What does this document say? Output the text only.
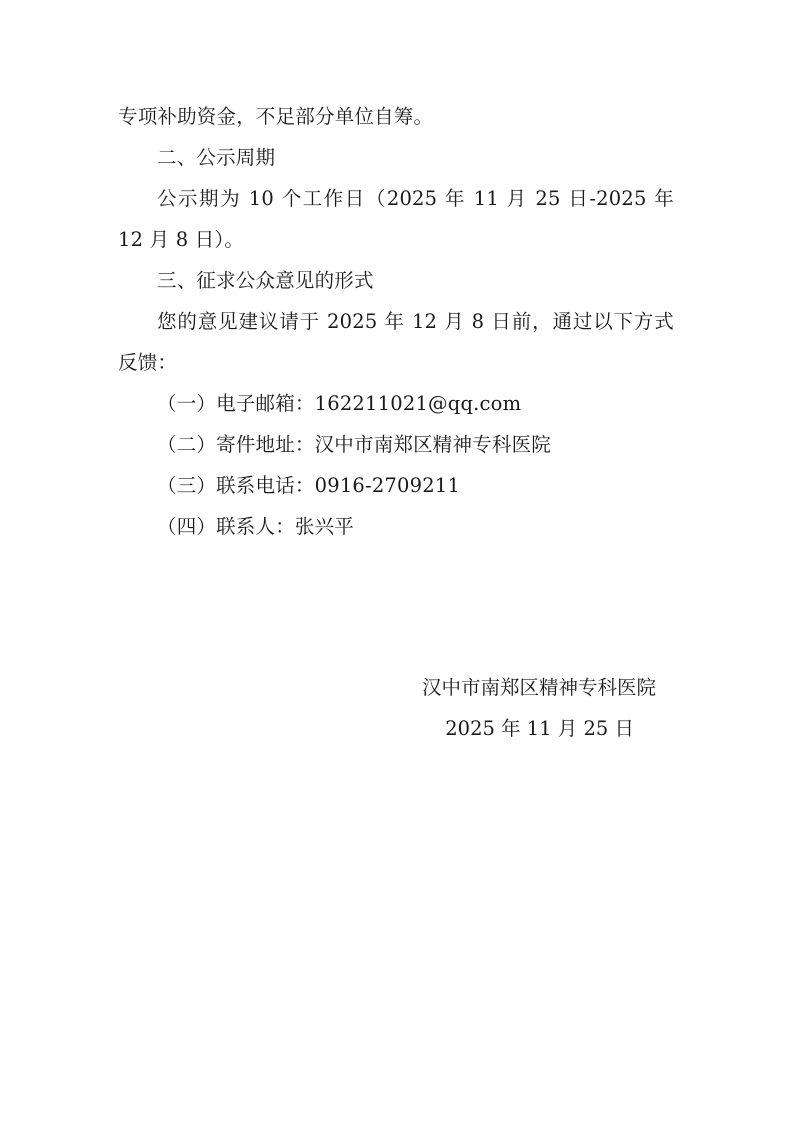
专项补助资金，不足部分单位自筹。

二、公示周期

公示期为 10 个工作日（2025 年 11 月 25 日-2025 年 12 月 8 日）。

三、征求公众意见的形式

您的意见建议请于 2025 年 12 月 8 日前，通过以下方式反馈：

（一）电子邮箱：162211021@qq.com

（二）寄件地址：汉中市南郑区精神专科医院

（三）联系电话：0916-2709211

（四）联系人：张兴平

汉中市南郑区精神专科医院

2025 年 11 月 25 日
